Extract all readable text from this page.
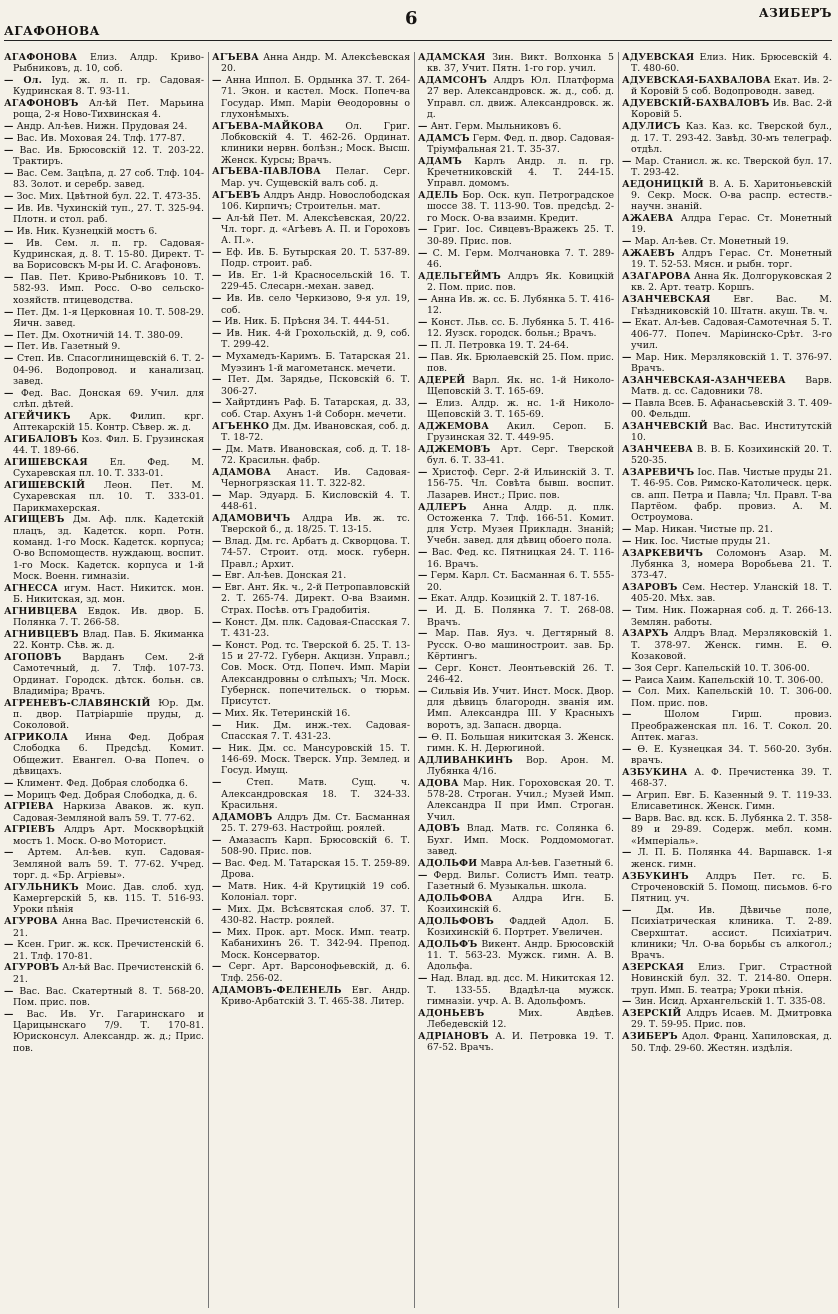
АГАФОНОВА
6	АЗИБЕРЪ

АГАФОНОВА Елиз. Алдр. Криво-Рыбниковъ, д. 10, соб.

— Ол. Іуд. ж. л. п. гр. Садовая-Кудринская 8. Т. 93-11.

АГАФОНОВЪ Ал-ѣй Пет. Марьина роща, 2-я Ново-Тихвинская 4.

— Андр. Ал-ѣев. Нижн. Прудовая 24.

— Вас. Ив. Моховая 24. Тлф. 177-87.

— Вас. Ив. Брюсовскій 12. Т. 203-22. Трактиръ.

— Вас. Сем. Зацѣпа, д. 27 соб. Тлф. 104-83. Золот. и серебр. завед.

— Зос. Мих. Цвѣтной бул. 22. Т. 473-35.

— Ив. Ив. Чухинскій туп., 27. Т. 325-94. Плотн. и стол. раб.

— Ив. Ник. Кузнецкій мостъ 6.

— Ив. Сем. л. п. гр. Садовая-Кудринская, д. 8. Т. 15-80. Директ. Т-ва Борисовскъ М-ры И. С. Агафоновъ.

— Пав. Пет. Криво-Рыбниковъ 10. Т. 582-93. Имп. Росс. О-во сельско-хозяйств. птицеводства.

— Пет. Дм. 1-я Церковная 10. Т. 508-29. Яичн. завед.

— Пет. Дм. Охотничій 14. Т. 380-09.

— Пет. Ив. Газетный 9.

— Степ. Ив. Спасоглинищевскій 6. Т. 2-04-96. Водопровод. и канализац. завед.

— Фед. Вас. Донская 69. Учил. для слѣп. дѣтей.

АГЕЙЧИКЪ Арк. Филип. крг. Аптекарскій 15. Контр. Сѣвер. ж. д.

АГИБАЛОВЪ Коз. Фил. Б. Грузинская 44. Т. 189-66.

АГИШЕВСКАЯ Ел. Фед. М. Сухаревская пл. 10. Т. 333-01.

АГИШЕВСКІЙ Леон. Пет. М. Сухаревская пл. 10. Т. 333-01. Парикмахерская.

АГИЩЕВЪ Дм. Аф. плк. Кадетскій плацъ, зд. Кадетск. корп. Ротн. команд. 1-го Моск. Кадетск. корпуса; О-во Вспомоществ. нуждающ. воспит. 1-го Моск. Кадетск. корпуса и 1-й Моск. Военн. гимназіи.

АГНЕССА игум. Наст. Никитск. мон. Б. Никитская, зд. мон.

АГНИВЦЕВА Евдок. Ив. двор. Б. Полянка 7. Т. 266-58.

АГНИВЦЕВЪ Влад. Пав. Б. Якиманка 22. Контр. Сѣв. ж. д.

АГОПОВЪ Варданъ Сем. 2-й Самотечный, д. 7. Тлф. 107-73. Ординат. Городск. дѣтск. больн. св. Владиміра; Врачъ.

АГРЕНЕВЪ-СЛАВЯНСКІЙ Юр. Дм. п. двор. Патріаршіе пруды, д. Соколовой.

АГРИКОЛА Инна Фед. Добрая Слободка 6. Предсѣд. Комит. Общежит. Евангел. О-ва Попеч. о дѣвицахъ.

— Климент. Фед. Добрая слободка 6.

— Морицъ Фед. Добрая Слободка, д. 6.

АГРІЕВА Наркиза Аваков. ж. куп. Садовая-Земляной валъ 59. Т. 77-62.

АГРІЕВЪ Алдръ Арт. Москворѣцкій мостъ 1. Моск. О-во Моторист.

— Артем. Ал-ѣев. куп. Садовая-Земляной валъ 59. Т. 77-62. Учред. торг. д. «Бр. Агріевы».

АГУЛЬНИКЪ Моис. Дав. слоб. худ. Камергерскій 5, кв. 115. Т. 516-93. Уроки пѣнія

АГУРОВА Анна Вас. Пречистенскій 6. 21.

— Ксен. Григ. ж. кск. Пречистенскій 6. 21. Тлф. 170-81.

АГУРОВЪ Ал-ѣй Вас. Пречистенскій 6. 21.

— Вас. Вас. Скатертный 8. Т. 568-20. Пом. прис. пов.

— Вас. Ив. Уг. Гагаринскаго и Царицынскаго 7/9. Т. 170-81. Юрисконсул. Александр. ж. д.; Прис. пов.

АГЪЕВА Анна Андр. М. Алексѣевская 20.

— Анна Иппол. Б. Ордынка 37. Т. 264-71. Экон. и кастел. Моск. Попеч-ва Государ. Имп. Маріи Ѳеодоровны о глухонѣмыхъ.

АГЪЕВА-МАЙКОВА Ол. Григ. Лобковскій 4. Т. 462-26. Ординат. клиники нервн. болѣзн.; Моск. Высш. Женск. Курсы; Врачъ.

АГЪЕВА-ПАВЛОВА Пелаг. Серг. Мар. уч. Сущевскій валъ соб. д.

АГЪЕВЪ Алдръ Андр. Новослободская 106. Кирпичъ; Строительн. мат.

— Ал-ѣй Пет. М. Алексѣевская, 20/22. Чл. торг. д. «Агѣевъ А. П. и Гороховъ А. П.».

— Еф. Ив. Б. Бутырская 20. Т. 537-89. Подр. строит. раб.

— Ив. Ег. 1-й Красносельскій 16. Т. 229-45. Слесарн.-механ. завед.

— Ив. Ив. село Черкизово, 9-я ул. 19, соб.

— Ив. Ник. Б. Прѣсня 34. Т. 444-51.

— Ив. Ник. 4-й Грохольскій, д. 9, соб. Т. 299-42.

— Мухамедъ-Каримъ. Б. Татарская 21. Муэзинъ 1-й магометанск. мечети.

— Пет. Дм. Зарядье, Псковскій 6. Т. 306-27.

— Хайртдинъ Раф. Б. Татарская, д. 33, соб. Стар. Ахунъ 1-й Соборн. мечети.

АГЪЕНКО Дм. Дм. Ивановская, соб. д. Т. 18-72.

— Дм. Матв. Ивановская, соб. д. Т. 18-72. Красильн. фабр.

АДАМОВА Анаст. Ив. Садовая-Черногрязская 11. Т. 322-82.

— Мар. Эдуард. Б. Кисловскій 4. Т. 448-61.

АДАМОВИЧЪ Алдра Ив. ж. тс. Тверской б., д. 18/25. Т. 13-15.

— Влад. Дм. гс. Арбатъ д. Скворцова. Т. 74-57. Строит. отд. моск. губерн. Правл.; Архит.

— Евг. Ал-ѣев. Донская 21.

— Евг. Ант. Як. ч., 2-й Петропавловскій 2. Т. 265-74. Директ. О-ва Взаимн. Страх. Посѣв. отъ Градобитія.

— Конст. Дм. плк. Садовая-Спасская 7. Т. 431-23.

— Конст. Род. тс. Тверской б. 25. Т. 13-15 и 27-72. Губерн. Акцизн. Управл.; Сов. Моск. Отд. Попеч. Имп. Маріи Александровны о слѣпыхъ; Чл. Моск. Губернск. попечительск. о тюрьм. Присутст.

— Мих. Як. Тетеринскій 16.

— Ник. Дм. инж.-тех. Садовая-Спасская 7. Т. 431-23.

— Ник. Дм. сс. Мансуровскій 15. Т. 146-69. Моск. Тверск. Упр. Землед. и Госуд. Имущ.

—	Степ. Матв. Сущ. ч. Александровская 18. Т. 324-33. Красильня.

АДАМОВЪ Алдръ Дм. Ст. Басманная 25. Т. 279-63. Настройщ. роялей.

— Амазаспъ Карп. Брюсовскій 6. Т. 508-90. Прис. пов.

— Вас. Фед. М. Татарская 15. Т. 259-89. Дрова.

— Матв. Ник. 4-й Крутицкій 19 соб. Колоніал. торг.

— Мих. Дм. Всѣсвятская слоб. 37. Т. 430-82. Настр. роялей.

— Мих. Прок. арт. Моск. Имп. театр. Кабанихинъ 26. Т. 342-94. Препод. Моск. Консерватор.

— Серг. Арт. Варсонофьевскій, д. 6. Тлф. 256-02.

АДАМОВЪ-ФЕЛЕНЕЛЬ Евг. Андр. Криво-Арбатскій 3. Т. 465-38. Литер.

АДАМСКАЯ Зин. Викт. Волхонка 5 кв. 37, Учит. Пятн. 1-го гор. учил.

АДАМСОНЪ Алдръ Юл. Платформа 27 вер. Александровск. ж. д., соб. д. Управл. сл. движ. Александровск. ж. д.

— Ант. Герм. Мыльниковъ 6.

АДАМСЪ Герм. Фед. п. двор. Садовая-Тріумфальная 21. Т. 35-37.

АДАМЪ Карлъ Андр. л. п. гр. Кречетниковскій 4. Т. 244-15. Управл. домомъ.

АДЕЛЬ Бор. Оск. куп. Петроградское шоссе 38. Т. 113-90. Тов. предсѣд. 2-го Моск. О-ва взаимн. Кредит.

— Григ. Іос. Сивцевъ-Вражекъ 25. Т. 30-89. Прис. пов.

— С. М. Герм. Молчановка 7. Т. 289-46.

АДЕЛЬГЕЙМЪ Алдръ Як. Ковицкій 2. Пом. прис. пов.

— Анна Ив. ж. сс. Б. Лубянка 5. Т. 416-12.

— Конст. Льв. сс. Б. Лубянка 5. Т. 416-12. Яузск. городск. больн.; Врачъ.

— П. Л. Петровка 19. Т. 24-64.

— Пав. Як. Брюлаевскій 25. Пом. прис. пов.

АДЕРЕЙ Варл. Як. нс. 1-й Николо-Щеповскій 3. Т. 165-69.

— Елиз. Алдр. ж. нс. 1-й Николо-Щеповскій 3. Т. 165-69.

АДЖЕМОВА Акил. Сероп. Б. Грузинская 32. Т. 449-95.

АДЖЕМОВЪ Арт. Серг. Тверской бул. 6. Т. 33-41.

— Христоф. Серг. 2-й Ильинскій 3. Т. 156-75. Чл. Совѣта бывш. воспит. Лазарев. Инст.; Прис. пов.

АДЛЕРЪ Анна Алдр. д. плк. Остоженка 7. Тлф. 166-51. Комит. для Устр. Музея Прикладн. Знаній; Учебн. завед. для дѣвиц обоего пола.

— Вас. Фед. кс. Пятницкая 24. Т. 116-16. Врачъ.

— Герм. Карл. Ст. Басманная 6. Т. 555-20.

— Екат. Алдр. Козицкій 2. Т. 187-16.

— И. Д. Б. Полянка 7. Т. 268-08. Врачъ.

— Мар. Пав. Яуз. ч. Дегтярный 8. Русск. О-во машиностроит. зав. Бр. Кёртингъ.

— Серг. Конст. Леонтьевскій 26. Т. 246-42.

— Сильвія Ив. Учит. Инст. Моск. Двор. для дѣвицъ благородн. званія им. Имп. Александра III. У Красныхъ воротъ, зд. Запасн. дворца.

— Ѳ. П. Большая никитская 3. Женск. гимн. К. Н. Дерюгиной.

АДЛИВАНКИНЪ Вор. Арон. М. Лубянка 4/16.

АДОВА Мар. Ник. Гороховская 20. Т. 578-28. Строган. Учил.; Музей Имп. Александра II при Имп. Строган. Учил.

АДОВЪ Влад. Матв. гс. Солянка 6. Бухг. Имп. Моск. Роддомомогат. завед.

АДОЛЬФИ Мавра Ал-ѣев. Газетный 6.

— Ферд. Вильг. Солистъ Имп. театр. Газетный 6. Музыкальн. школа.

АДОЛЬФОВА Алдра Игн. Б. Козихинскій 6.

АДОЛЬФОВЪ Фаддей Адол. Б. Козихинскій 6. Портрет. Увеличен.

АДОЛЬФЪ Викент. Андр. Брюсовскій 11. Т. 563-23. Мужск. гимн. А. В. Адольфа.

— Над. Влад. вд. дсс. М. Никитская 12. Т. 133-55. Вдадѣл-ца мужск. гимназіи. учр. А. В. Адольфомъ.

АДОНЬЕВЪ	Мих. Авдѣев. Лебедевскій 12.

АДРІАНОВЪ А. И. Петровка 19. Т. 67-52. Врачъ.

АДУЕВСКАЯ Елиз. Ник. Брюсевскій 4. Т. 480-60.

АДУЕВСКАЯ-БАХВАЛОВА Екат. Ив. 2-й Коровій 5 соб. Водопроводн. завед.

АДУЕВСКІЙ-БАХВАЛОВЪ Ив. Вас. 2-й Коровій 5.

АДУЛИСЪ Каз. Каз. кс. Тверской бул., д. 17. Т. 293-42. Завѣд. 30-мъ телеграф. отдѣл.

— Мар. Станисл. ж. кс. Тверской бул. 17. Т. 293-42.

АЕДОНИЦКІЙ В. А. Б. Харитоньевскій 9. Секр. Моск. О-ва распр. естеств.-научн. знаній.

АЖАЕВА Алдра Герас. Ст. Монетный 19.

— Мар. Ал-ѣев. Ст. Монетный 19.

АЖАЕВЪ Алдръ Герас. Ст. Монетный 19. Т. 52-53. Мясн. и рыбн. торг.

АЗАГАРОВА Анна Як. Долгоруковская 2 кв. 2. Арт. театр. Коршъ.

АЗАНЧЕВСКАЯ Евг. Вас. М. Гнѣздниковскій 10. Штатн. акуш. Тв. ч.

— Екат. Ал-ѣев. Садовая-Самотечная 5. Т. 406-77. Попеч. Маріинско-Срѣт. 3-го учил.

— Мар. Ник. Мерзляковскій 1. Т. 376-97. Врачъ.

АЗАНЧЕВСКАЯ-АЗАНЧЕЕВА Варв. Матв. д. сс. Садовники 78.

— Павла Всев. Б. Афанасьевскій 3. Т. 409-00. Фельдш.

АЗАНЧЕВСКІЙ Вас. Вас. Институтскій 10.

АЗАНЧЕЕВА В. В. Б. Козихинскій 20. Т. 520-35.

АЗАРЕВИЧЪ Іос. Пав. Чистые пруды 21. Т. 46-95. Сов. Римско-Католическ. церк. св. апп. Петра и Павла; Чл. Правл. Т-ва Партёом. фабр. провиз. А. М. Остроумова.

— Мар. Никан. Чистые пр. 21.

— Ник. Іос. Чистые пруды 21.

АЗАРКЕВИЧЪ Соломонъ Азар. М. Лубянка 3, номера Воробьева 21. Т. 373-47.

АЗАРОВЪ Сем. Нестер. Уланскій 18. Т. 405-20. Мѣх. зав.

— Тим. Ник. Пожарная соб. д. Т. 266-13. Землян. работы.

АЗАРХЪ Алдръ Влад. Мерзляковскій 1. Т. 378-97. Женск. гимн. Е. Ѳ. Козаковой.

— Зоя Серг. Капельскій 10. Т. 306-00.

— Раиса Хаим. Капельскій 10. Т. 306-00.

— Сол. Мих. Капельскій 10. Т. 306-00. Пом. прис. пов.

—	Шолом Гирш. провиз. Преображенская пл. 16. Т. Сокол. 20. Аптек. магаз.

— Ѳ. Е. Кузнецкая 34. Т. 560-20. Зубн. врачъ.

АЗБУКИНА А. Ф. Пречистенка 39. Т. 468-37.

— Агрип. Евг. Б. Казенный 9. Т. 119-33. Елисаветинск. Женск. Гимн.

— Варв. Вас. вд. кск. Б. Лубянка 2. Т. 358-89 и 29-89. Содерж. мебл. комн. «Имперіаль».

— Л. П. Б. Полянка 44. Варшавск. 1-я женск. гимн.

АЗБУКИНЪ Алдръ Пет. гс. Б. Строченовскій 5. Помощ. письмов. 6-го Пятниц. уч.

—	Дм. Ив. Дѣвичье поле, Психіатрическая клиника. Т. 2-89. Сверхштат. ассист. Психіатрич. клиники; Чл. О-ва борьбы съ алкогол.; Врачъ.

АЗЕРСКАЯ Елиз. Григ. Страстной Новинскій бул. 32. Т. 214-80. Оперн. труп. Имп. Б. театра; Уроки пѣнія.

— Зин. Исид. Архангельскій 1. Т. 335-08.

АЗЕРСКІЙ Алдръ Исаев. М. Дмитровка 29. Т. 59-95. Прис. пов.

АЗИБЕРЪ Адол. Франц. Хапиловская, д. 50. Тлф. 29-60. Жестян. издѣлія.
